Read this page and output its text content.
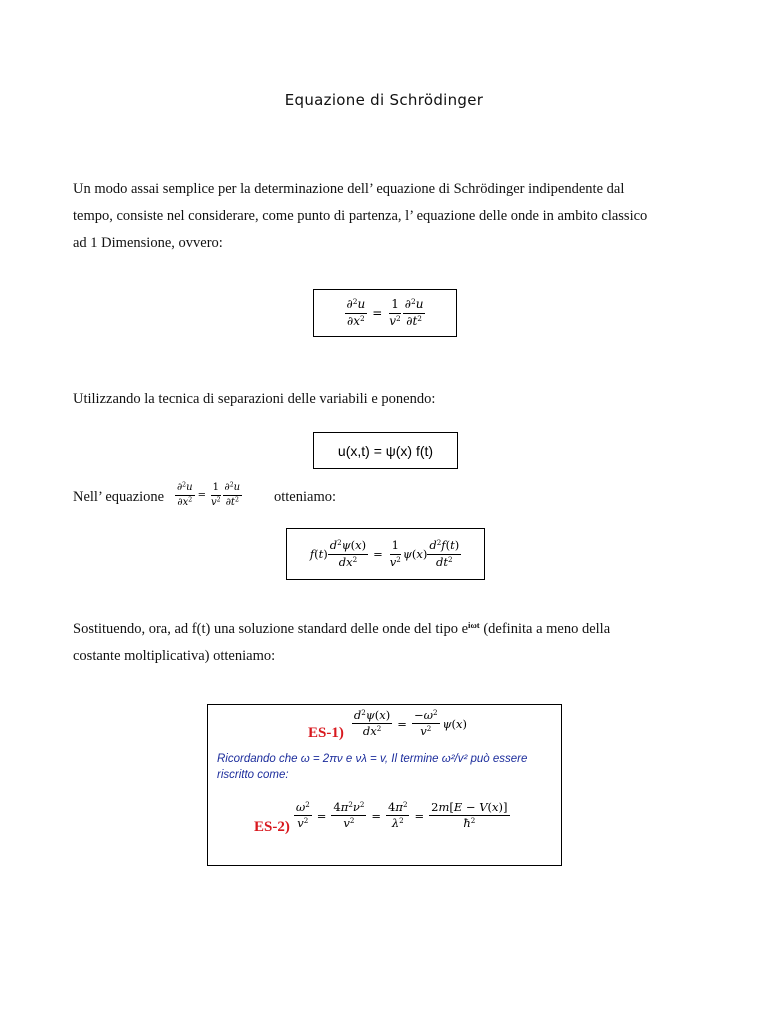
Equazione di Schrödinger

Un modo assai semplice per la determinazione dell’ equazione di Schrödinger indipendente dal
tempo, consiste nel considerare, come punto di partenza, l’ equazione delle onde in ambito classico
ad 1 Dimensione, ovvero:

$\frac{\partial^2u}{\partial x^2} = \frac{1}{v^2} \frac{\partial^2u}{\partial t^2}$

Utilizzando la tecnica di separazioni delle variabili e ponendo:

u(x,t) = ψ(x) f(t)
Nell’ equazione $\frac{\partial^2u}{\partial x^2} = \frac{1}{v^2} \frac{\partial^2u}{\partial t^2}$ otteniamo:
$f(t) \frac{d^2\psi(x)}{dx^2} = \frac{1}{v^2} \psi(x) \frac{d^2f(t)}{dt^2}$

Sostituendo, ora, ad f(t) una soluzione standard delle onde del tipo $e^{i\omega t}$ (definita a meno della
costante moltiplicativa) otteniamo:

$ES-1) \frac{d^2\psi(x)}{dx^2} = \frac{-\omega^2}{v^2} \psi(x)$
Ricordando che ω = 2πν e νλ = v, Il termine ω²/v² può essere
riscritto come:
$ES-2) \frac{\omega^2}{v^2} = \frac{4\pi^2\nu^2}{v^2} = \frac{4\pi^2}{\lambda^2} = \frac{2m[E - V(x)]}{ħ^2}$
